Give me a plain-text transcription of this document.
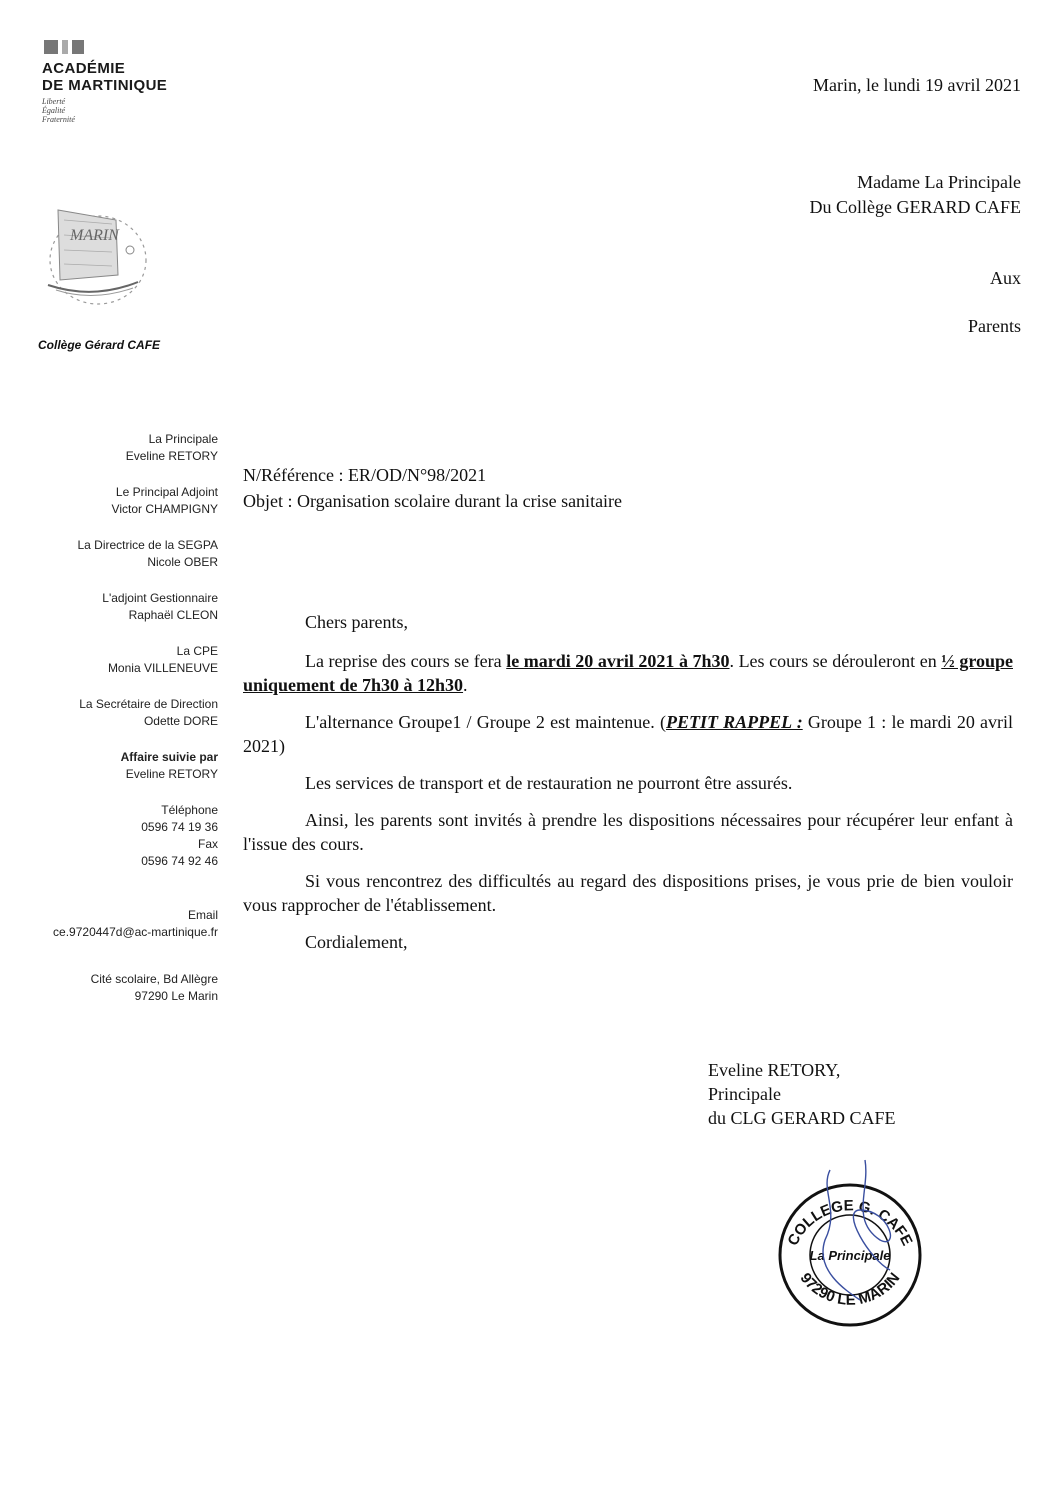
ACADÉMIE
DE MARTINIQUE
Liberté
Égalité
Fraternité
MARIN
Collège Gérard CAFE
Marin, le lundi 19 avril 2021
Madame La Principale
Du Collège GERARD CAFE
Aux
Parents
La Principale
Eveline RETORY
Le Principal Adjoint
Victor CHAMPIGNY
La Directrice de la SEGPA
Nicole OBER
L'adjoint Gestionnaire
Raphaël CLEON
La CPE
Monia VILLENEUVE
La Secrétaire de Direction
Odette DORE
Affaire suivie par
Eveline RETORY
Téléphone
0596 74 19 36
Fax
0596 74 92 46
Email
ce.9720447d@ac-martinique.fr
Cité scolaire, Bd Allègre
97290 Le Marin
N/Référence : ER/OD/N°98/2021
Objet : Organisation scolaire durant la crise sanitaire

Chers parents,

La reprise des cours se fera le mardi 20 avril 2021 à 7h30. Les cours se dérouleront en ½ groupe uniquement de 7h30 à 12h30.

L'alternance Groupe1 / Groupe 2 est maintenue. (PETIT RAPPEL : Groupe 1 : le mardi 20 avril 2021)

Les services de transport et de restauration ne pourront être assurés.

Ainsi, les parents sont invités à prendre les dispositions nécessaires pour récupérer leur enfant à l'issue des cours.

Si vous rencontrez des difficultés au regard des dispositions prises, je vous prie de bien vouloir vous rapprocher de l'établissement.

Cordialement,

Eveline RETORY,
Principale
du CLG GERARD CAFE
COLLEGE G. CAFE
La Principale
97290 LE MARIN
